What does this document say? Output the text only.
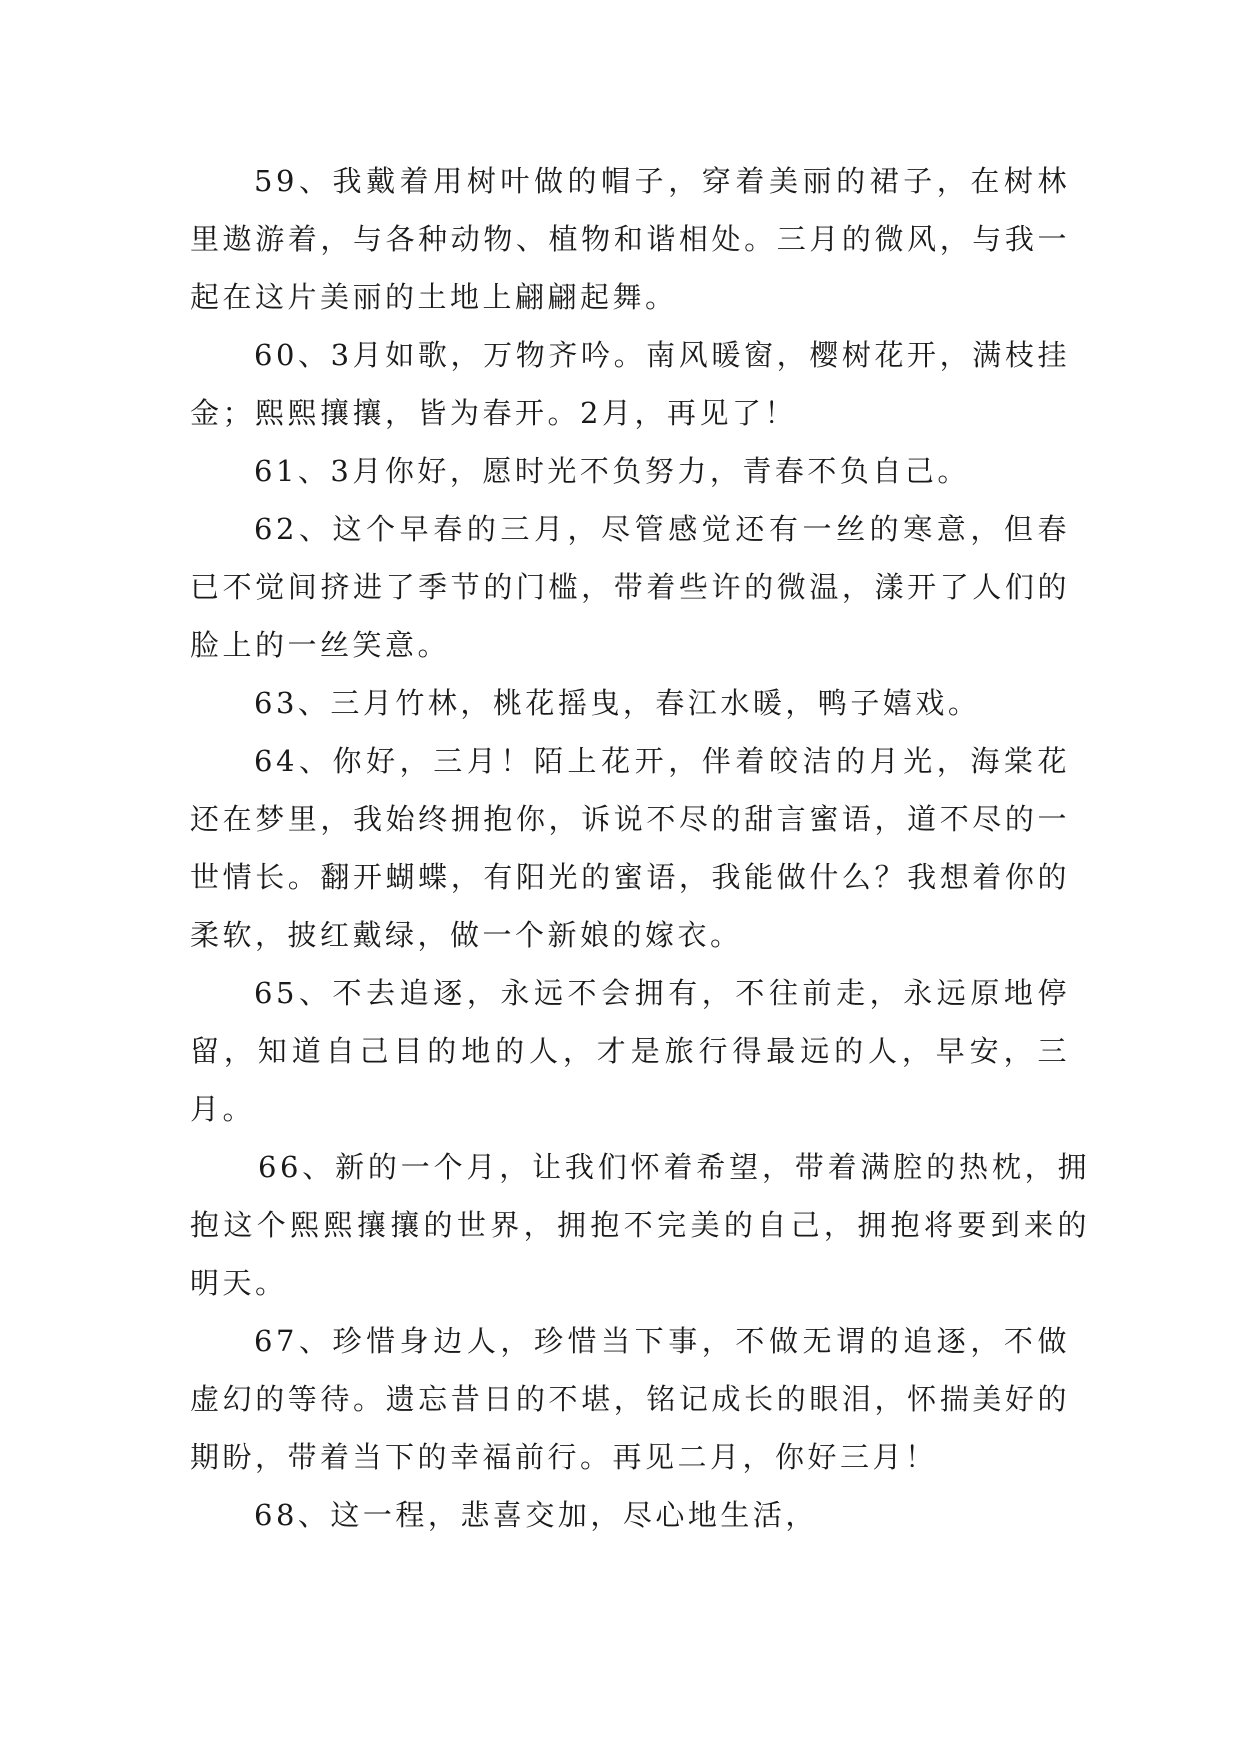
59、我戴着用树叶做的帽子，穿着美丽的裙子，在树林里遨游着，与各种动物、植物和谐相处。三月的微风，与我一起在这片美丽的土地上翩翩起舞。

60、3月如歌，万物齐吟。南风暖窗，樱树花开，满枝挂金；熙熙攘攘，皆为春开。2月，再见了！

61、3月你好，愿时光不负努力，青春不负自己。

62、这个早春的三月，尽管感觉还有一丝的寒意，但春已不觉间挤进了季节的门槛，带着些许的微温，漾开了人们的脸上的一丝笑意。

63、三月竹林，桃花摇曳，春江水暖，鸭子嬉戏。

64、你好，三月！陌上花开，伴着皎洁的月光，海棠花还在梦里，我始终拥抱你，诉说不尽的甜言蜜语，道不尽的一世情长。翻开蝴蝶，有阳光的蜜语，我能做什么？我想着你的柔软，披红戴绿，做一个新娘的嫁衣。

65、不去追逐，永远不会拥有，不往前走，永远原地停留，知道自己目的地的人，才是旅行得最远的人，早安，三月。

66、新的一个月，让我们怀着希望，带着满腔的热枕，拥抱这个熙熙攘攘的世界，拥抱不完美的自己，拥抱将要到来的明天。

67、珍惜身边人，珍惜当下事，不做无谓的追逐，不做虚幻的等待。遗忘昔日的不堪，铭记成长的眼泪，怀揣美好的期盼，带着当下的幸福前行。再见二月，你好三月！

68、这一程，悲喜交加，尽心地生活，
